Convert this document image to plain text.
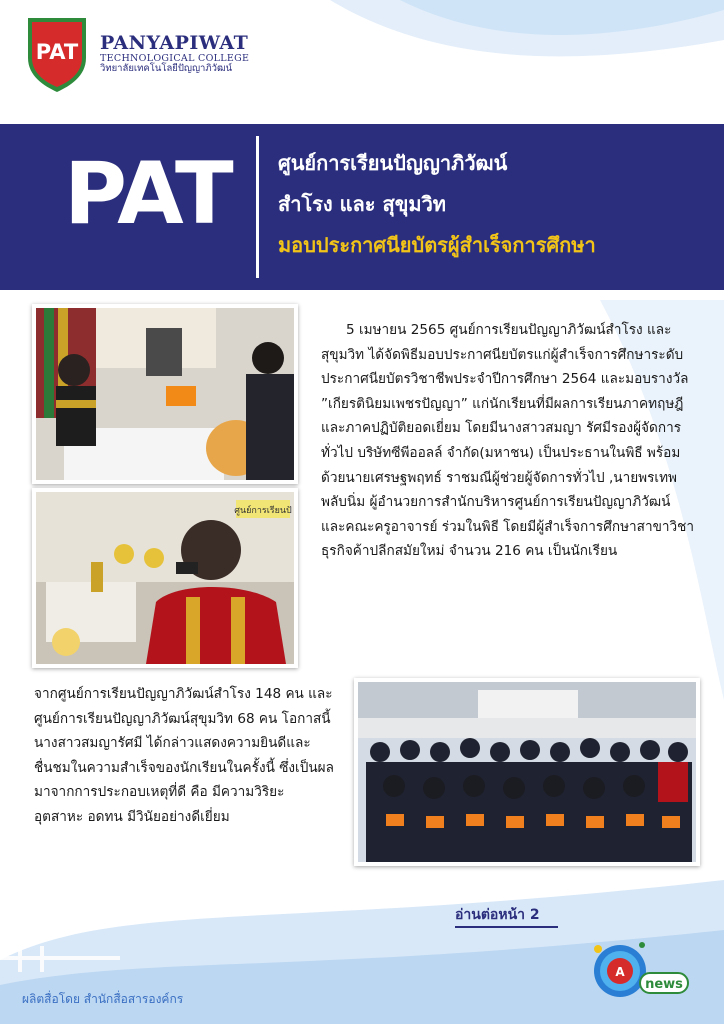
PAT PANYAPIWAT
TECHNOLOGICAL COLLEGE
วิทยาลัยเทคโนโลยีปัญญาภิวัฒน์
PAT ศูนย์การเรียนปัญญาภิวัฒน์
สำโรง และ สุขุมวิท
มอบประกาศนียบัตรผู้สำเร็จการศึกษา
ศูนย์การเรียนปั

5 เมษายน 2565 ศูนย์การเรียนปัญญาภิวัฒน์สำโรง และสุขุมวิท ได้จัดพิธีมอบประกาศนียบัตรแก่ผู้สำเร็จการศึกษาระดับประกาศนียบัตรวิชาชีพประจำปีการศึกษา 2564 และมอบรางวัล ”เกียรตินิยมเพชรปัญญา” แก่นักเรียนที่มีผลการเรียนภาคทฤษฎีและภาคปฏิบัติยอดเยี่ยม โดยมีนางสาวสมญา รัศมีรองผู้จัดการทั่วไป บริษัทซีพีออลล์ จำกัด(มหาชน) เป็นประธานในพิธี พร้อมด้วยนายเศรษฐพฤทธ์ ราชมณีผู้ช่วยผู้จัดการทั่วไป ,นายพรเทพ พลับนิ่ม ผู้อำนวยการสำนักบริหารศูนย์การเรียนปัญญาภิวัฒน์ และคณะครูอาจารย์ ร่วมในพิธี โดยมีผู้สำเร็จการศึกษาสาขาวิชาธุรกิจค้าปลีกสมัยใหม่ จำนวน 216 คน เป็นนักเรียน

จากศูนย์การเรียนปัญญาภิวัฒน์สำโรง 148 คน และศูนย์การเรียนปัญญาภิวัฒน์สุขุมวิท 68 คน โอกาสนี้ นางสาวสมญารัศมี ได้กล่าวแสดงความยินดีและชื่นชมในความสำเร็จของนักเรียนในครั้งนี้ ซึ่งเป็นผลมาจากการประกอบเหตุที่ดี คือ มีความวิริยะ อุตสาหะ อดทน มีวินัยอย่างดีเยี่ยม

อ่านต่อหน้า 2
ผลิตสื่อโดย สำนักสื่อสารองค์กร
A
news
